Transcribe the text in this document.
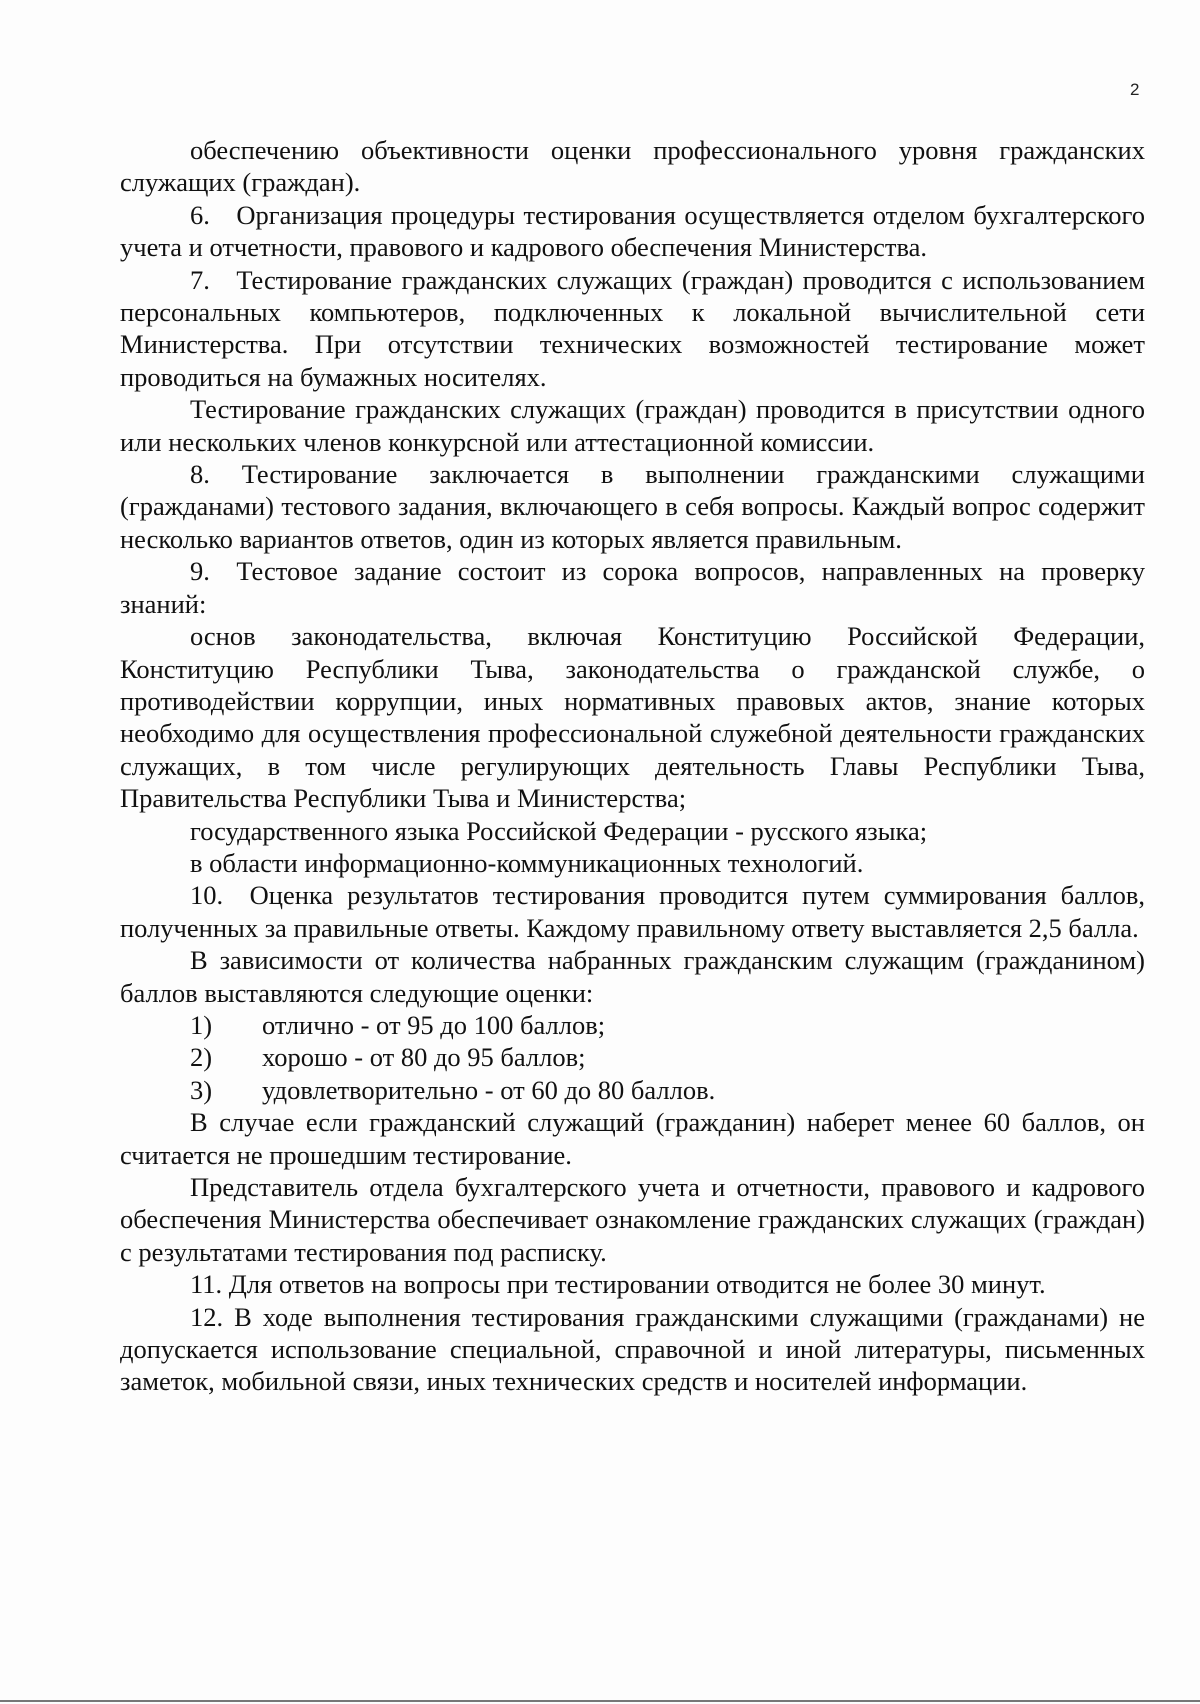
2

обеспечению объективности оценки профессионального уровня гражданских служащих (граждан).

6. Организация процедуры тестирования осуществляется отделом бухгалтерского учета и отчетности, правового и кадрового обеспечения Министерства.

7. Тестирование гражданских служащих (граждан) проводится с использованием персональных компьютеров, подключенных к локальной вычислительной сети Министерства. При отсутствии технических возможностей тестирование может проводиться на бумажных носителях.

Тестирование гражданских служащих (граждан) проводится в присутствии одного или нескольких членов конкурсной или аттестационной комиссии.

8. Тестирование заключается в выполнении гражданскими служащими (гражданами) тестового задания, включающего в себя вопросы. Каждый вопрос содержит несколько вариантов ответов, один из которых является правильным.

9. Тестовое задание состоит из сорока вопросов, направленных на проверку знаний:

основ законодательства, включая Конституцию Российской Федерации, Конституцию Республики Тыва, законодательства о гражданской службе, о противодействии коррупции, иных нормативных правовых актов, знание которых необходимо для осуществления профессиональной служебной деятельности гражданских служащих, в том числе регулирующих деятельность Главы Республики Тыва, Правительства Республики Тыва и Министерства;

государственного языка Российской Федерации - русского языка;

в области информационно-коммуникационных технологий.

10. Оценка результатов тестирования проводится путем суммирования баллов, полученных за правильные ответы. Каждому правильному ответу выставляется 2,5 балла.

В зависимости от количества набранных гражданским служащим (гражданином) баллов выставляются следующие оценки:

1) отлично - от 95 до 100 баллов;

2) хорошо - от 80 до 95 баллов;

3) удовлетворительно - от 60 до 80 баллов.

В случае если гражданский служащий (гражданин) наберет менее 60 баллов, он считается не прошедшим тестирование.

Представитель отдела бухгалтерского учета и отчетности, правового и кадрового обеспечения Министерства обеспечивает ознакомление гражданских служащих (граждан) с результатами тестирования под расписку.

11. Для ответов на вопросы при тестировании отводится не более 30 минут.

12. В ходе выполнения тестирования гражданскими служащими (гражданами) не допускается использование специальной, справочной и иной литературы, письменных заметок, мобильной связи, иных технических средств и носителей информации.
